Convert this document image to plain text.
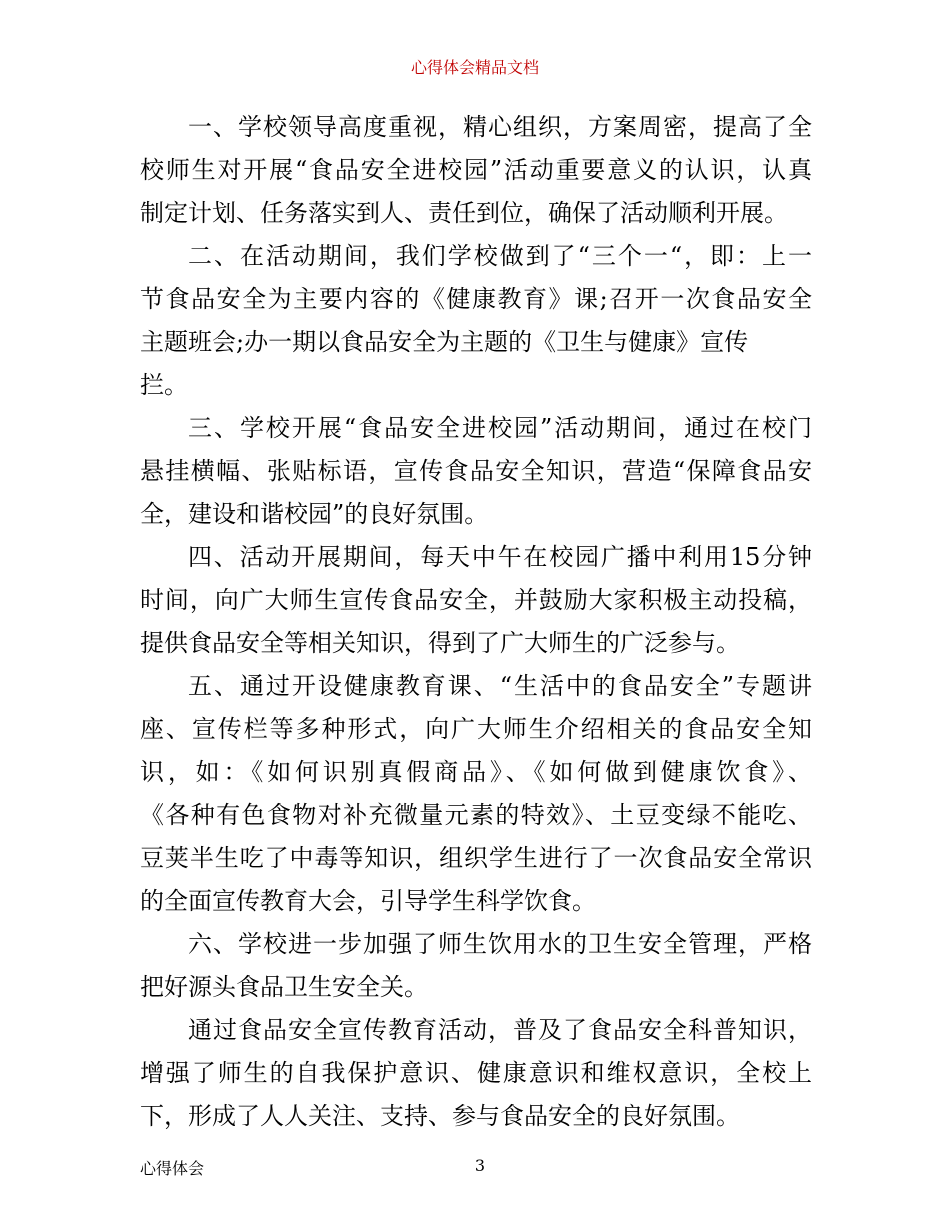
心得体会精品文档
一、学校领导高度重视，精心组织，方案周密，提高了全
校师生对开展“食品安全进校园”活动重要意义的认识，认真
制定计划、任务落实到人、责任到位，确保了活动顺利开展。
二、在活动期间，我们学校做到了“三个一“，即：上一
节食品安全为主要内容的《健康教育》课;召开一次食品安全
主题班会;办一期以食品安全为主题的《卫生与健康》宣传
拦。
三、学校开展“食品安全进校园”活动期间，通过在校门
悬挂横幅、张贴标语，宣传食品安全知识，营造“保障食品安
全，建设和谐校园”的良好氛围。
四、活动开展期间，每天中午在校园广播中利用15分钟
时间，向广大师生宣传食品安全，并鼓励大家积极主动投稿，
提供食品安全等相关知识，得到了广大师生的广泛参与。
五、通过开设健康教育课、“生活中的食品安全”专题讲
座、宣传栏等多种形式，向广大师生介绍相关的食品安全知
识，如：《如何识别真假商品》、《如何做到健康饮食》、
《各种有色食物对补充微量元素的特效》、土豆变绿不能吃、
豆荚半生吃了中毒等知识，组织学生进行了一次食品安全常识
的全面宣传教育大会，引导学生科学饮食。
六、学校进一步加强了师生饮用水的卫生安全管理，严格
把好源头食品卫生安全关。
通过食品安全宣传教育活动，普及了食品安全科普知识，
增强了师生的自我保护意识、健康意识和维权意识，全校上
下，形成了人人关注、支持、参与食品安全的良好氛围。
心得体会	3
